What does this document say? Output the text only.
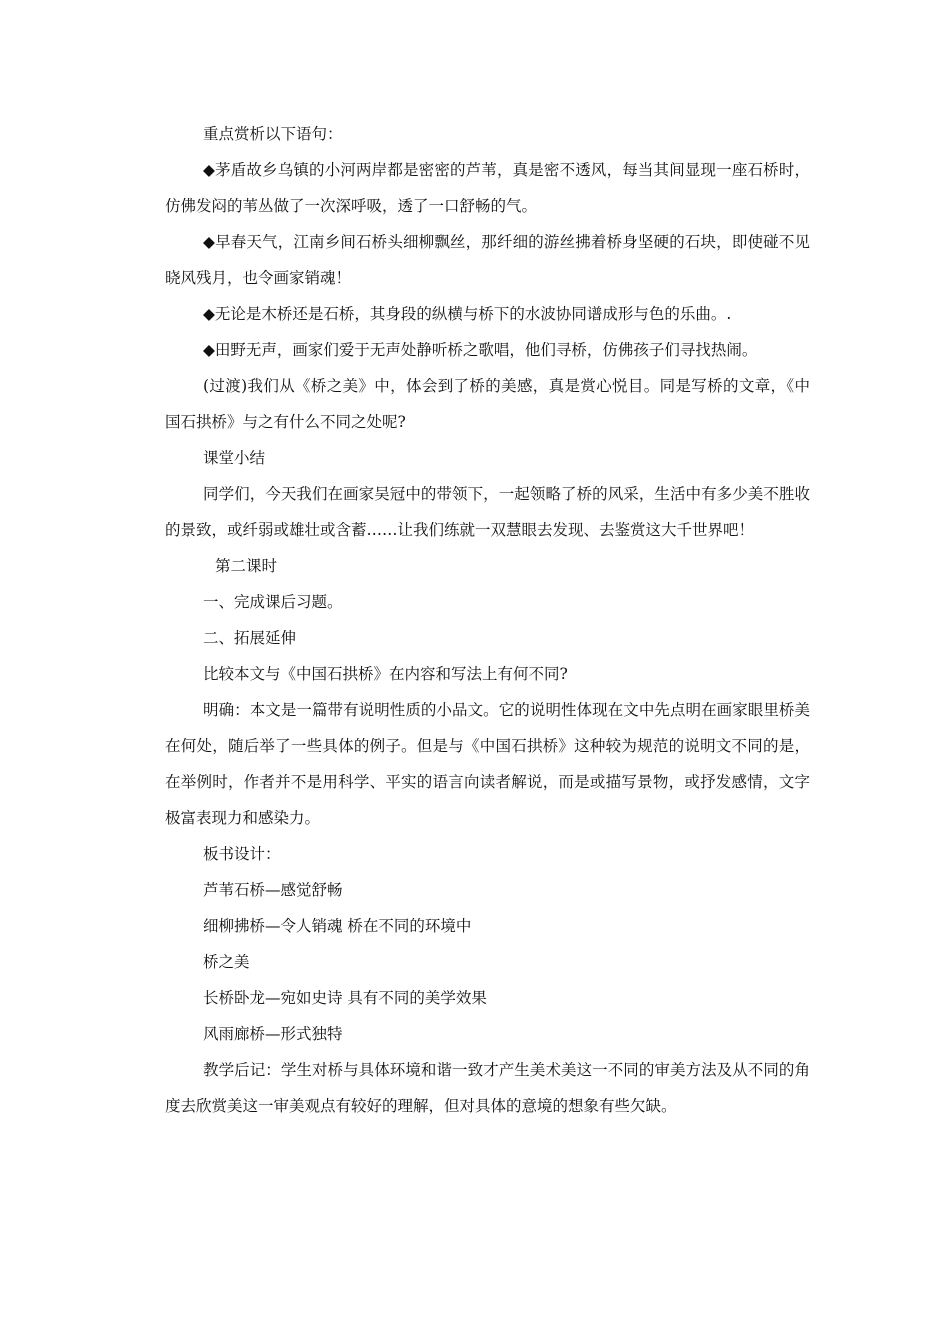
重点赏析以下语句：

◆茅盾故乡乌镇的小河两岸都是密密的芦苇，真是密不透风，每当其间显现一座石桥时，仿佛发闷的苇丛做了一次深呼吸，透了一口舒畅的气。

◆早春天气，江南乡间石桥头细柳飘丝，那纤细的游丝拂着桥身坚硬的石块，即使碰不见晓风残月，也令画家销魂！

◆无论是木桥还是石桥，其身段的纵横与桥下的水波协同谱成形与色的乐曲。.

◆田野无声，画家们爱于无声处静听桥之歌唱，他们寻桥，仿佛孩子们寻找热闹。

(过渡)我们从《桥之美》中，体会到了桥的美感，真是赏心悦目。同是写桥的文章，《中国石拱桥》与之有什么不同之处呢?

课堂小结

同学们，今天我们在画家吴冠中的带领下，一起领略了桥的风采，生活中有多少美不胜收的景致，或纤弱或雄壮或含蓄……让我们练就一双慧眼去发现、去鉴赏这大千世界吧！

第二课时

一、完成课后习题。

二、拓展延伸

比较本文与《中国石拱桥》在内容和写法上有何不同?

明确：本文是一篇带有说明性质的小品文。它的说明性体现在文中先点明在画家眼里桥美在何处，随后举了一些具体的例子。但是与《中国石拱桥》这种较为规范的说明文不同的是，在举例时，作者并不是用科学、平实的语言向读者解说，而是或描写景物，或抒发感情，文字极富表现力和感染力。

板书设计：

芦苇石桥—感觉舒畅

细柳拂桥—令人销魂 桥在不同的环境中

桥之美

长桥卧龙—宛如史诗 具有不同的美学效果

风雨廊桥—形式独特

教学后记：学生对桥与具体环境和谐一致才产生美术美这一不同的审美方法及从不同的角度去欣赏美这一审美观点有较好的理解，但对具体的意境的想象有些欠缺。
